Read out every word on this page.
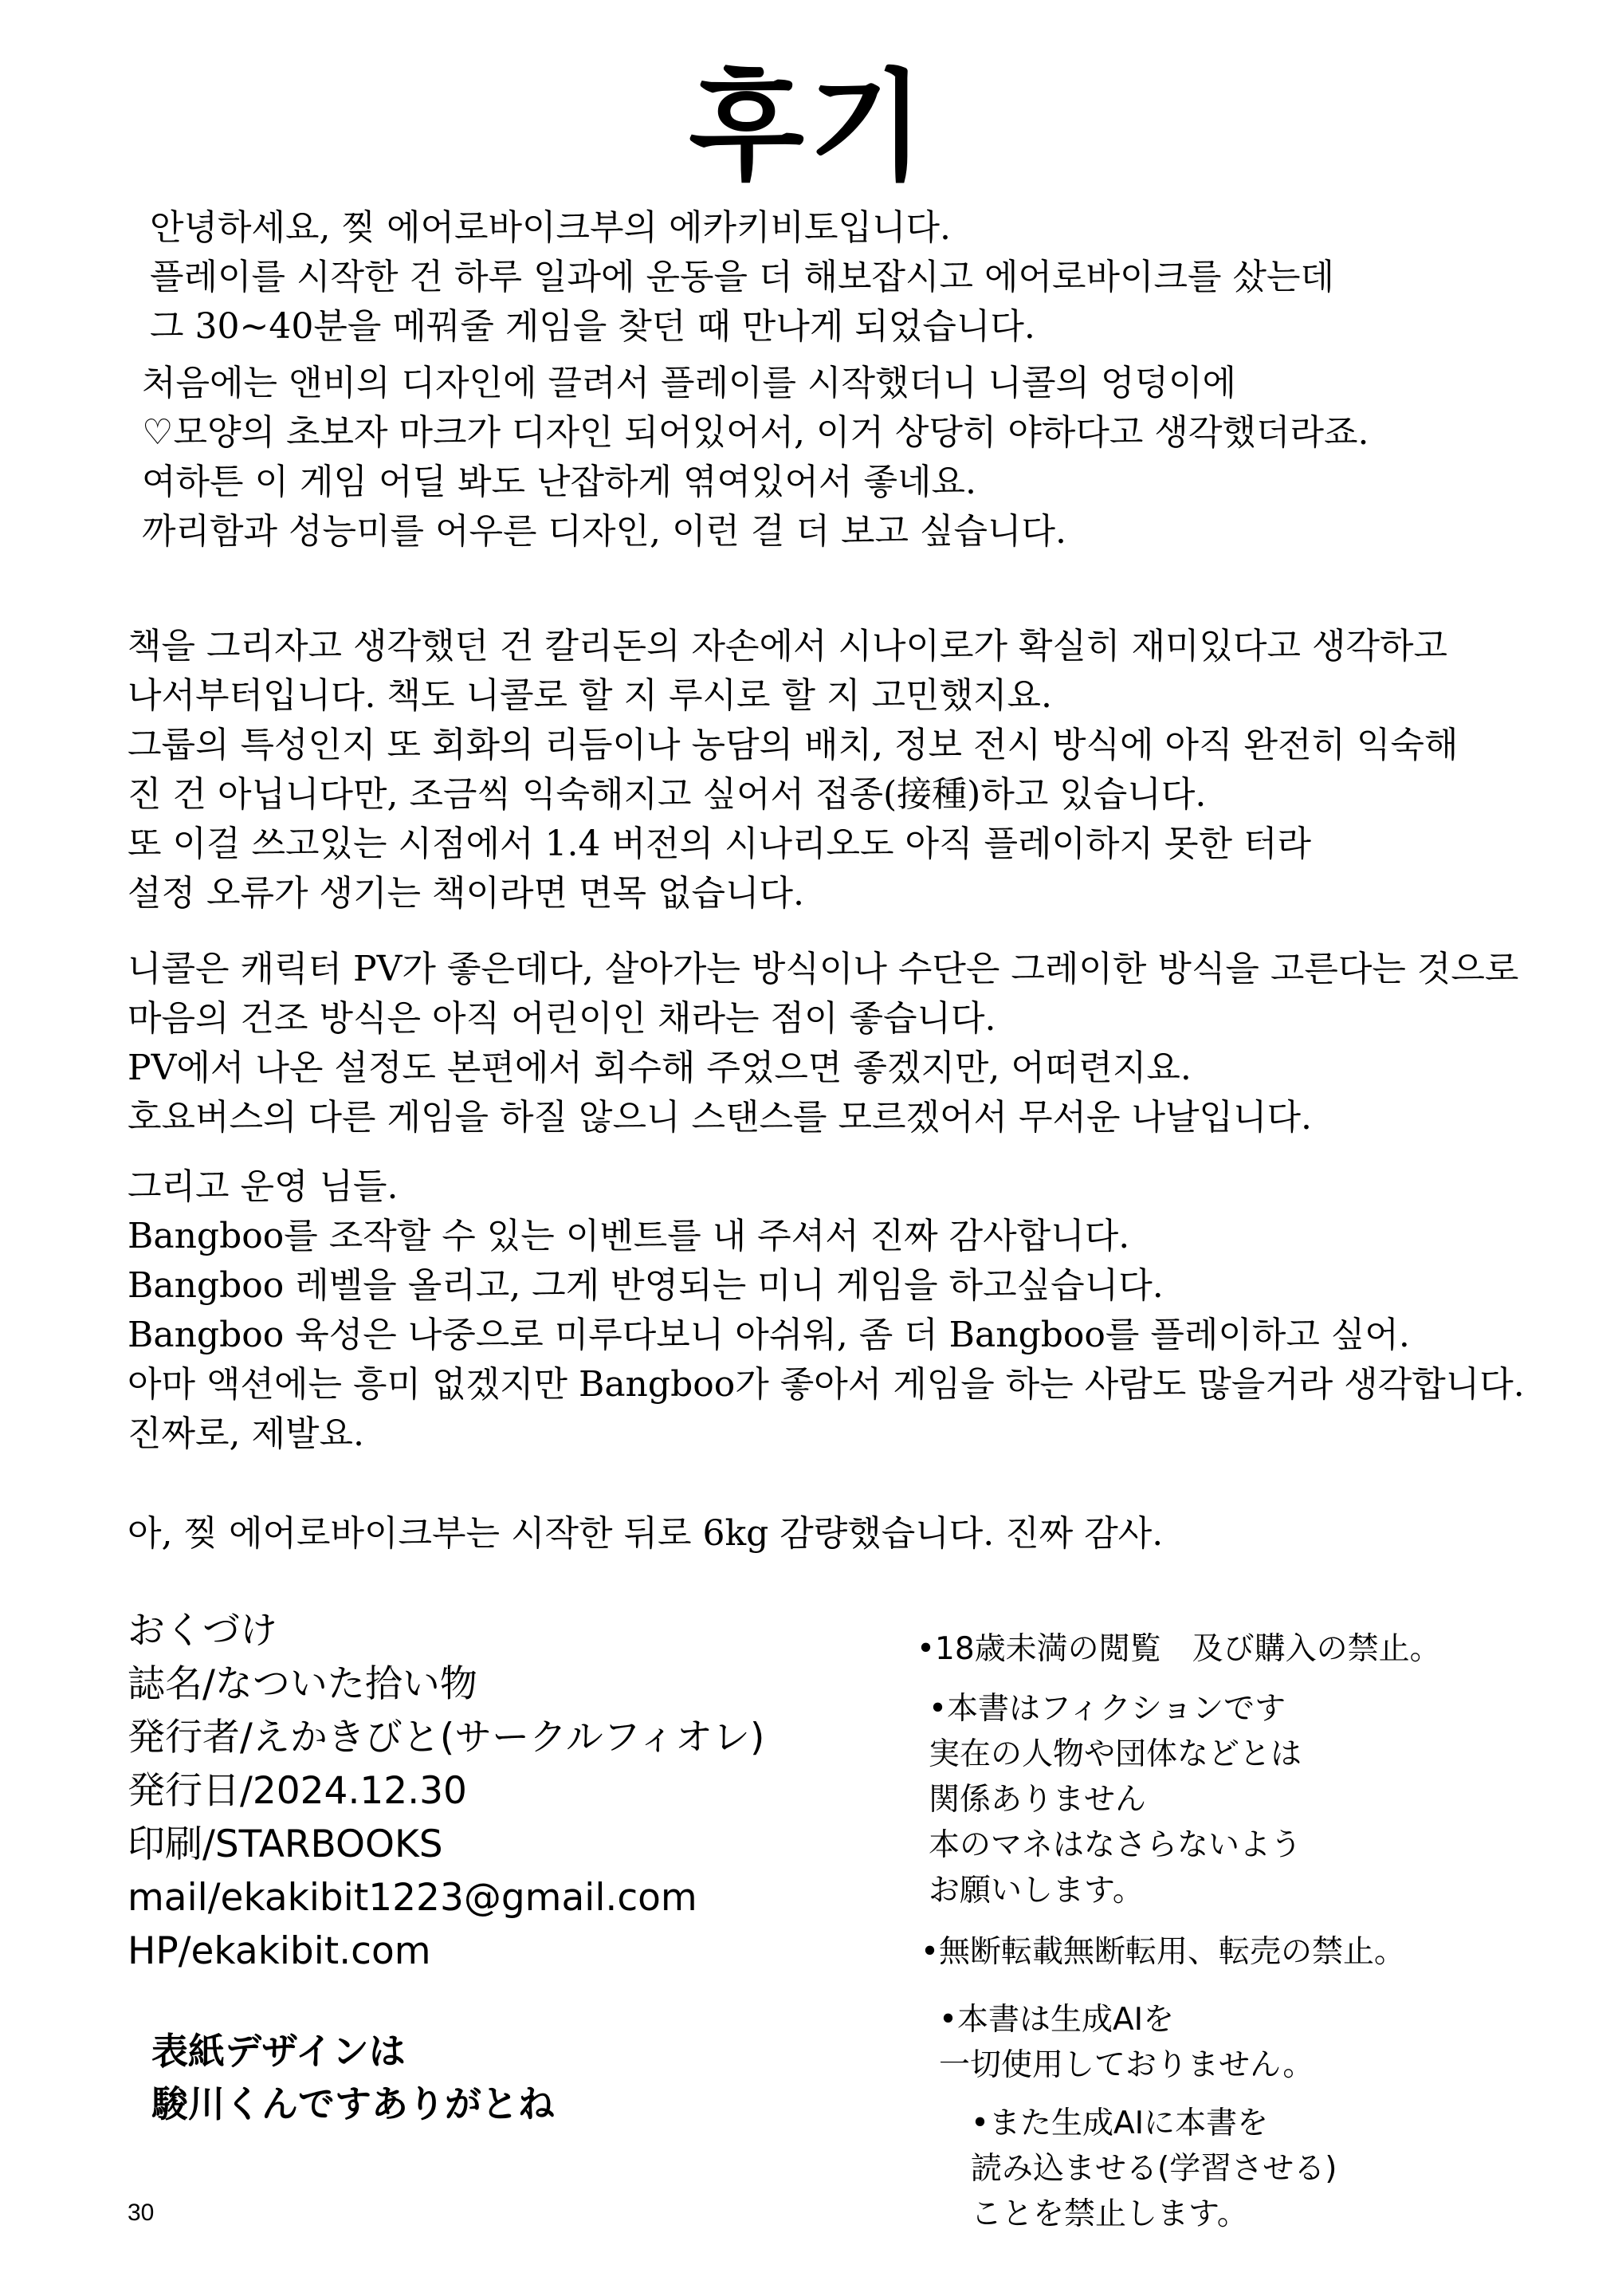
후기
안녕하세요, 찢 에어로바이크부의 에카키비토입니다.
플레이를 시작한 건 하루 일과에 운동을 더 해보잡시고 에어로바이크를 샀는데
그 30~40분을 메꿔줄 게임을 찾던 때 만나게 되었습니다.
처음에는 앤비의 디자인에 끌려서 플레이를 시작했더니 니콜의 엉덩이에
♡모양의 초보자 마크가 디자인 되어있어서, 이거 상당히 야하다고 생각했더라죠.
여하튼 이 게임 어딜 봐도 난잡하게 엮여있어서 좋네요.
까리함과 성능미를 어우른 디자인, 이런 걸 더 보고 싶습니다.
책을 그리자고 생각했던 건 칼리돈의 자손에서 시나이로가 확실히 재미있다고 생각하고
나서부터입니다. 책도 니콜로 할 지 루시로 할 지 고민했지요.
그룹의 특성인지 또 회화의 리듬이나 농담의 배치, 정보 전시 방식에 아직 완전히 익숙해
진 건 아닙니다만, 조금씩 익숙해지고 싶어서 접종(接種)하고 있습니다.
또 이걸 쓰고있는 시점에서 1.4 버전의 시나리오도 아직 플레이하지 못한 터라
설정 오류가 생기는 책이라면 면목 없습니다.
니콜은 캐릭터 PV가 좋은데다, 살아가는 방식이나 수단은 그레이한 방식을 고른다는 것으로
마음의 건조 방식은 아직 어린이인 채라는 점이 좋습니다.
PV에서 나온 설정도 본편에서 회수해 주었으면 좋겠지만, 어떠련지요.
호요버스의 다른 게임을 하질 않으니 스탠스를 모르겠어서 무서운 나날입니다.
그리고 운영 님들.
Bangboo를 조작할 수 있는 이벤트를 내 주셔서 진짜 감사합니다.
Bangboo 레벨을 올리고, 그게 반영되는 미니 게임을 하고싶습니다.
Bangboo 육성은 나중으로 미루다보니 아쉬워, 좀 더 Bangboo를 플레이하고 싶어.
아마 액션에는 흥미 없겠지만 Bangboo가 좋아서 게임을 하는 사람도 많을거라 생각합니다.
진짜로, 제발요.
아, 찢 에어로바이크부는 시작한 뒤로 6kg 감량했습니다. 진짜 감사.
おくづけ
誌名/なついた拾い物
発行者/えかきびと(サークルフィオレ)
発行日/2024.12.30
印刷/STARBOOKS
mail/ekakibit1223@gmail.com
HP/ekakibit.com
表紙デザインは
駿川くんですありがとね
•18歳未満の閲覧　及び購入の禁止。
•本書はフィクションです
実在の人物や団体などとは
関係ありません
本のマネはなさらないよう
お願いします。
•無断転載無断転用、転売の禁止。
•本書は生成AIを
一切使用しておりません。
•また生成AIに本書を
読み込ませる(学習させる)
ことを禁止します。
30
